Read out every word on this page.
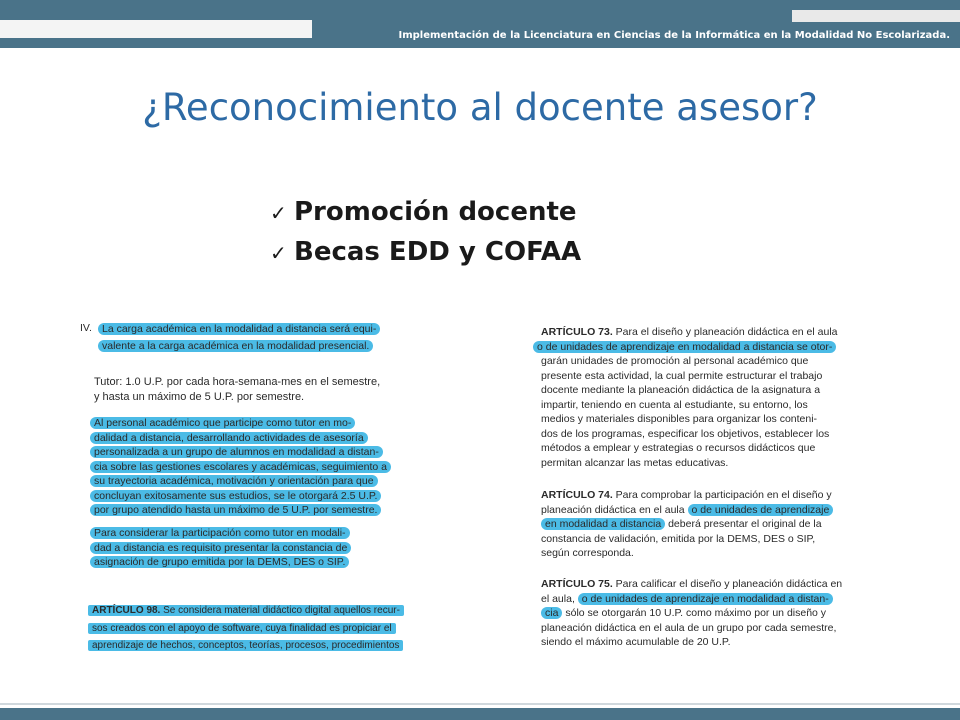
Implementación de la Licenciatura en Ciencias de la Informática en la Modalidad No Escolarizada.
¿Reconocimiento al docente asesor?
✓ Promoción docente
✓ Becas EDD y COFAA
IV. La carga académica en la modalidad a distancia será equi-
valente a la carga académica en la modalidad presencial.
Tutor: 1.0 U.P. por cada hora-semana-mes en el semestre,
y hasta un máximo de 5 U.P. por semestre.
Al personal académico que participe como tutor en mo-
dalidad a distancia, desarrollando actividades de asesoría
personalizada a un grupo de alumnos en modalidad a distan-
cia sobre las gestiones escolares y académicas, seguimiento a
su trayectoria académica, motivación y orientación para que
concluyan exitosamente sus estudios, se le otorgará 2.5 U.P.
por grupo atendido hasta un máximo de 5 U.P. por semestre.
Para considerar la participación como tutor en modali-
dad a distancia es requisito presentar la constancia de
asignación de grupo emitida por la DEMS, DES o SIP.
ARTÍCULO 98. Se considera material didáctico digital aquellos recur-
sos creados con el apoyo de software, cuya finalidad es propiciar el
aprendizaje de hechos, conceptos, teorías, procesos, procedimientos
ARTÍCULO 73. Para el diseño y planeación didáctica en el aula
o de unidades de aprendizaje en modalidad a distancia se otor-
garán unidades de promoción al personal académico que
presente esta actividad, la cual permite estructurar el trabajo
docente mediante la planeación didáctica de la asignatura a
impartir, teniendo en cuenta al estudiante, su entorno, los
medios y materiales disponibles para organizar los conteni-
dos de los programas, especificar los objetivos, establecer los
métodos a emplear y estrategias o recursos didácticos que
permitan alcanzar las metas educativas.
ARTÍCULO 74. Para comprobar la participación en el diseño y
planeación didáctica en el aula o de unidades de aprendizaje
en modalidad a distancia deberá presentar el original de la
constancia de validación, emitida por la DEMS, DES o SIP,
según corresponda.
ARTÍCULO 75. Para calificar el diseño y planeación didáctica en
el aula, o de unidades de aprendizaje en modalidad a distan-
cia sólo se otorgarán 10 U.P. como máximo por un diseño y
planeación didáctica en el aula de un grupo por cada semestre,
siendo el máximo acumulable de 20 U.P.
